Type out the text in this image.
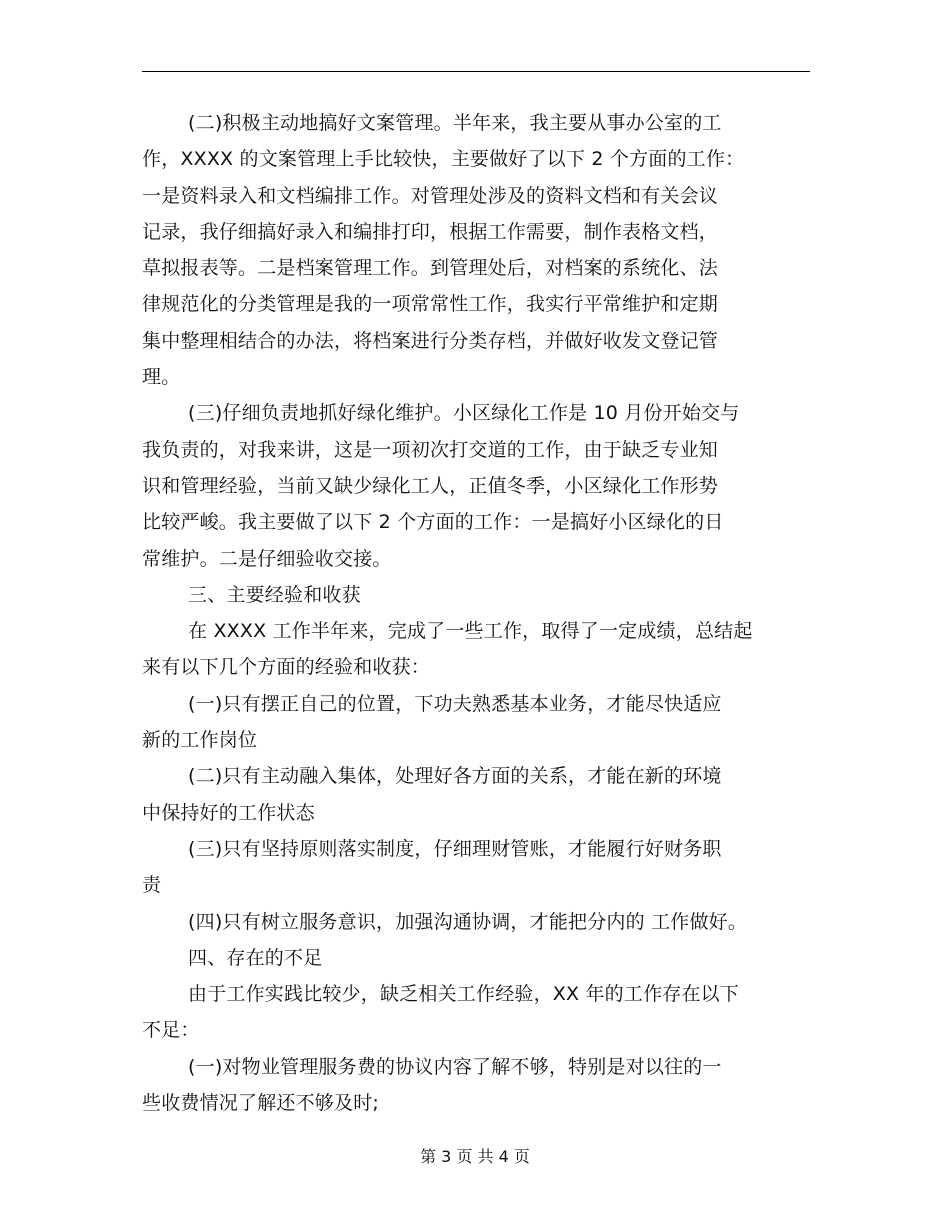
(二)积极主动地搞好文案管理。半年来，我主要从事办公室的工
作，XXXX 的文案管理上手比较快，主要做好了以下 2 个方面的工作：
一是资料录入和文档编排工作。对管理处涉及的资料文档和有关会议
记录，我仔细搞好录入和编排打印，根据工作需要，制作表格文档，
草拟报表等。二是档案管理工作。到管理处后，对档案的系统化、法
律规范化的分类管理是我的一项常常性工作，我实行平常维护和定期
集中整理相结合的办法，将档案进行分类存档，并做好收发文登记管
理。
(三)仔细负责地抓好绿化维护。小区绿化工作是 10 月份开始交与
我负责的，对我来讲，这是一项初次打交道的工作，由于缺乏专业知
识和管理经验，当前又缺少绿化工人，正值冬季，小区绿化工作形势
比较严峻。我主要做了以下 2 个方面的工作：一是搞好小区绿化的日
常维护。二是仔细验收交接。
三、主要经验和收获
在 XXXX 工作半年来，完成了一些工作，取得了一定成绩，总结起
来有以下几个方面的经验和收获：
(一)只有摆正自己的位置，下功夫熟悉基本业务，才能尽快适应
新的工作岗位
(二)只有主动融入集体，处理好各方面的关系，才能在新的环境
中保持好的工作状态
(三)只有坚持原则落实制度，仔细理财管账，才能履行好财务职
责
(四)只有树立服务意识，加强沟通协调，才能把分内的 工作做好。
四、存在的不足
由于工作实践比较少，缺乏相关工作经验，XX 年的工作存在以下
不足：
(一)对物业管理服务费的协议内容了解不够，特别是对以往的一
些收费情况了解还不够及时;
第 3 页 共 4 页
